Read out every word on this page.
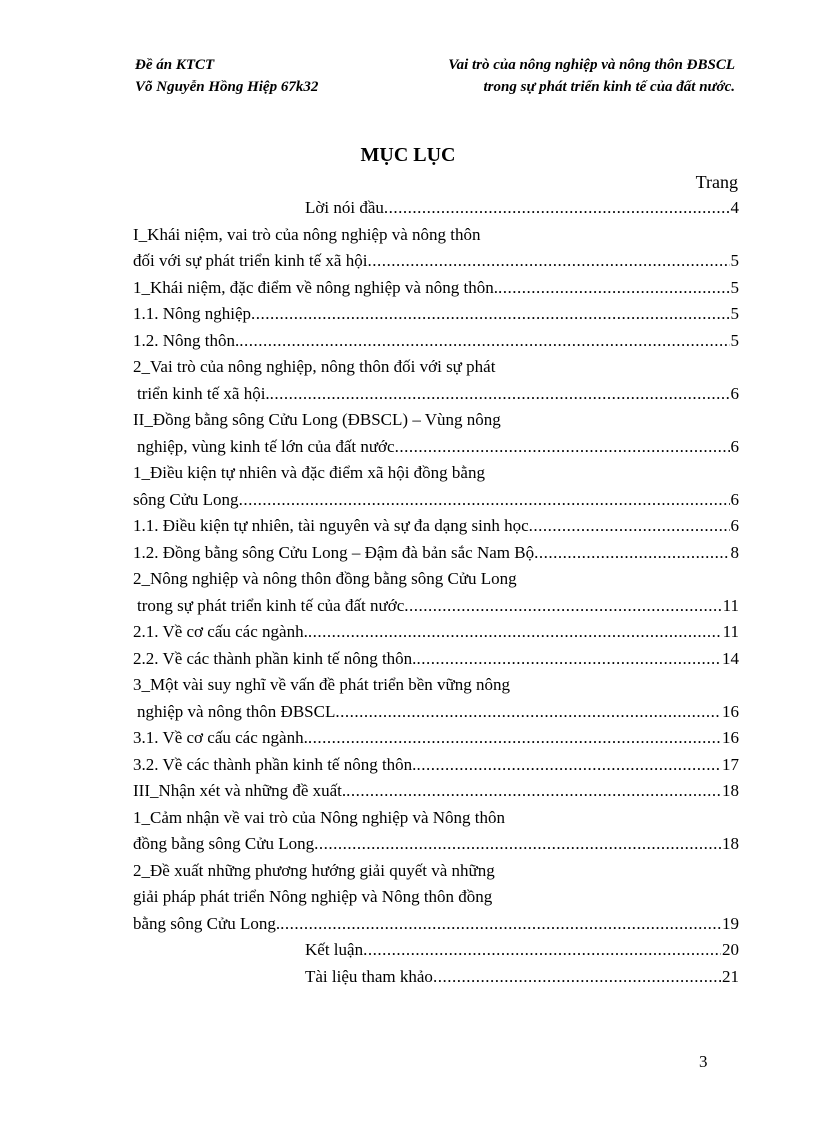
Đề án KTCT	Vai trò của nông nghiệp và nông thôn ĐBSCL
Võ Nguyễn Hồng Hiệp 67k32	trong sự phát triển kinh tế của đất nước.
MỤC LỤC
Trang
Lời nói đầu .....	4
I_Khái niệm, vai trò của nông nghiệp và nông thôn
đối với sự phát triển kinh tế xã hội .....	5
1_Khái niệm, đặc điểm về nông nghiệp và nông thôn. .....	5
1.1. Nông nghiệp .....	5
1.2. Nông thôn. .....	5
2_Vai trò của nông nghiệp, nông thôn đối với sự phát
triển kinh tế xã hội. .....	6
II_Đồng bằng sông Cửu Long (ĐBSCL) – Vùng nông
nghiệp, vùng kinh tế lớn của đất nước .....	6
1_Điều kiện tự nhiên và đặc điểm xã hội đồng bằng
sông Cửu Long .....	6
1.1. Điều kiện tự nhiên, tài nguyên và sự đa dạng sinh học .....	6
1.2. Đồng bằng sông Cửu Long – Đậm đà bản sắc Nam Bộ .....	8
2_Nông nghiệp và nông thôn đồng bằng sông Cửu Long
trong sự phát triển kinh tế của đất nước .....	11
2.1. Về cơ cấu các ngành. .....	11
2.2. Về các thành phần kinh tế nông thôn. .....	14
3_Một vài suy nghĩ về vấn đề phát triển bền vững nông
nghiệp và nông thôn ĐBSCL .....	16
3.1. Về cơ cấu các ngành. .....	16
3.2. Về các thành phần kinh tế nông thôn. .....	17
III_Nhận xét và những đề xuất. .....	18
1_Cảm nhận về vai trò của Nông nghiệp và Nông thôn
đồng bằng sông Cửu Long .....	18
2_Đề xuất những phương hướng giải quyết và những
giải pháp phát triển Nông nghiệp và Nông thôn đồng
bằng sông Cửu Long. .....	19
Kết luận .....	20
Tài liệu tham khảo .....	21
3
